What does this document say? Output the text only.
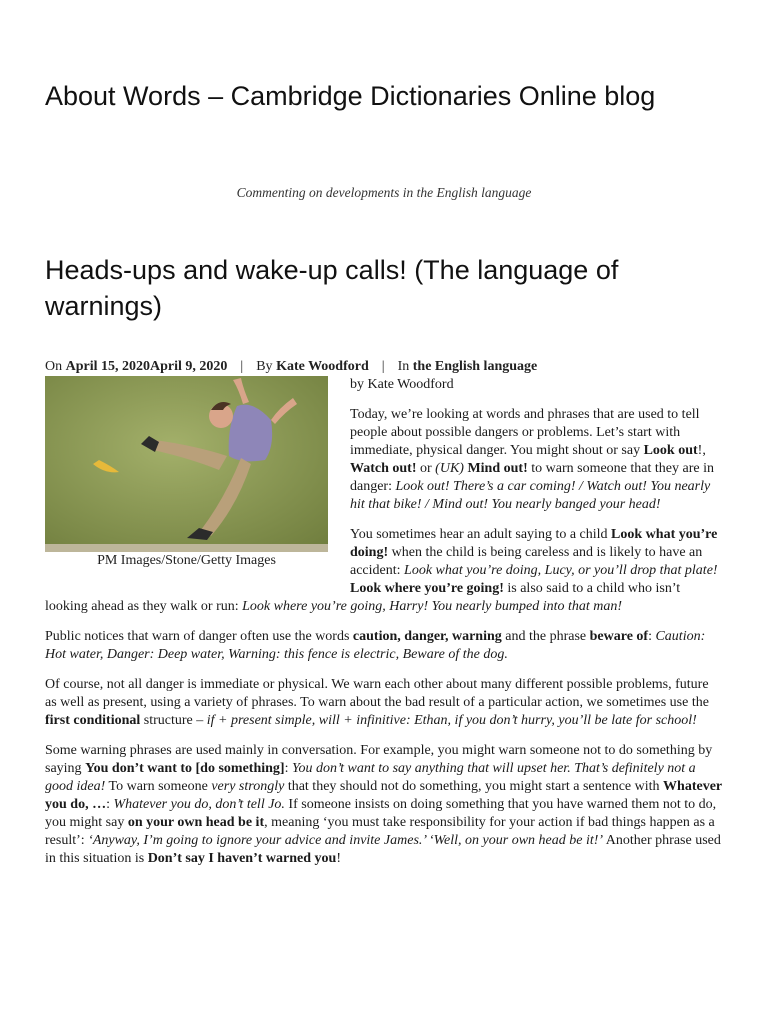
About Words – Cambridge Dictionaries Online blog

Commenting on developments in the English language

Heads-ups and wake-up calls! (The language of warnings)

On April 15, 2020April 9, 2020 | By Kate Woodford | In the English language

PM Images/Stone/Getty Images

by Kate Woodford

Today, we’re looking at words and phrases that are used to tell people about possible dangers or problems. Let’s start with immediate, physical danger. You might shout or say Look out!, Watch out! or (UK) Mind out! to warn someone that they are in danger: Look out! There’s a car coming! / Watch out! You nearly hit that bike! / Mind out! You nearly banged your head!

You sometimes hear an adult saying to a child Look what you’re doing! when the child is being careless and is likely to have an accident: Look what you’re doing, Lucy, or you’ll drop that plate! Look where you’re going! is also said to a child who isn’t looking ahead as they walk or run: Look where you’re going, Harry! You nearly bumped into that man!

Public notices that warn of danger often use the words caution, danger, warning and the phrase beware of: Caution: Hot water, Danger: Deep water, Warning: this fence is electric, Beware of the dog.

Of course, not all danger is immediate or physical. We warn each other about many different possible problems, future as well as present, using a variety of phrases. To warn about the bad result of a particular action, we sometimes use the first conditional structure – if + present simple, will + infinitive: Ethan, if you don’t hurry, you’ll be late for school!

Some warning phrases are used mainly in conversation. For example, you might warn someone not to do something by saying You don’t want to [do something]: You don’t want to say anything that will upset her. That’s definitely not a good idea! To warn someone very strongly that they should not do something, you might start a sentence with Whatever you do, …: Whatever you do, don’t tell Jo. If someone insists on doing something that you have warned them not to do, you might say on your own head be it, meaning ‘you must take responsibility for your action if bad things happen as a result’: ‘Anyway, I’m going to ignore your advice and invite James.’ ‘Well, on your own head be it!’ Another phrase used in this situation is Don’t say I haven’t warned you!
